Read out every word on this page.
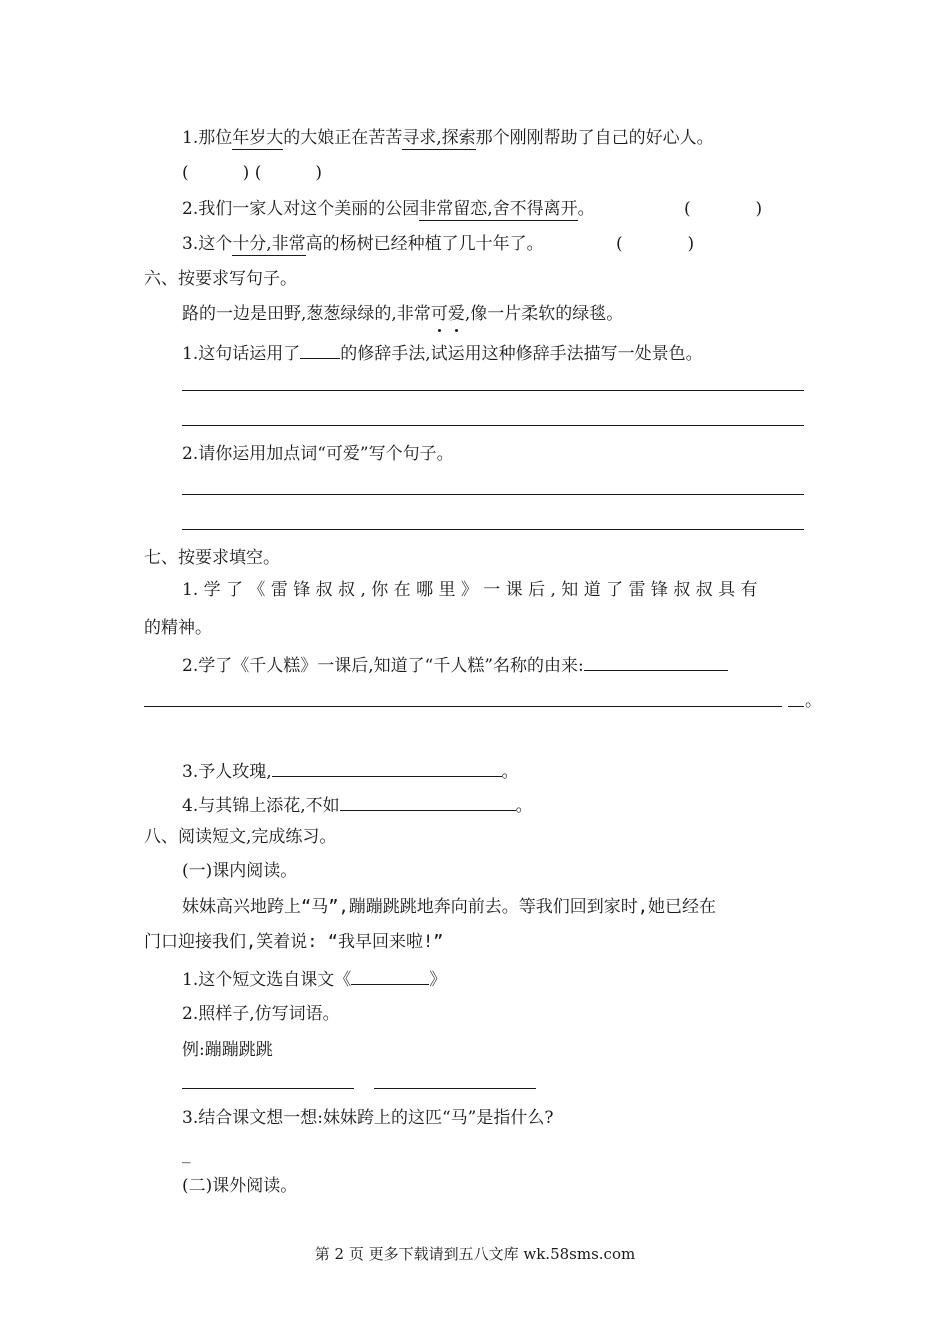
1.那位年岁大的大娘正在苦苦寻求,探索那个刚刚帮助了自己的好心人。
(          ) (          )
2.我们一家人对这个美丽的公园非常留恋,舍不得离开。	(            )
3.这个十分,非常高的杨树已经种植了几十年了。	(            )
六、按要求写句子。
路的一边是田野,葱葱绿绿的,非常可爱,像一片柔软的绿毯。
1.这句话运用了 的修辞手法,试运用这种修辞手法描写一处景色。
2.请你运用加点词“可爱”写个句子。
七、按要求填空。
1. 学 了 《 雷 锋 叔 叔 , 你 在 哪 里 》 一 课 后 , 知 道 了 雷 锋 叔 叔 具 有
的精神。
2.学了《千人糕》一课后,知道了“千人糕”名称的由来:
。
3.予人玫瑰,	。
4.与其锦上添花,不如	。
八、阅读短文,完成练习。
(一)课内阅读。
妹妹高兴地跨上“马”,蹦蹦跳跳地奔向前去。等我们回到家时,她已经在
门口迎接我们,笑着说: “我早回来啦!”
1.这个短文选自课文《	》
2.照样子,仿写词语。
例:蹦蹦跳跳
3.结合课文想一想:妹妹跨上的这匹“马”是指什么?
_
(二)课外阅读。
第 2 页 更多下载请到五八文库 wk.58sms.com
